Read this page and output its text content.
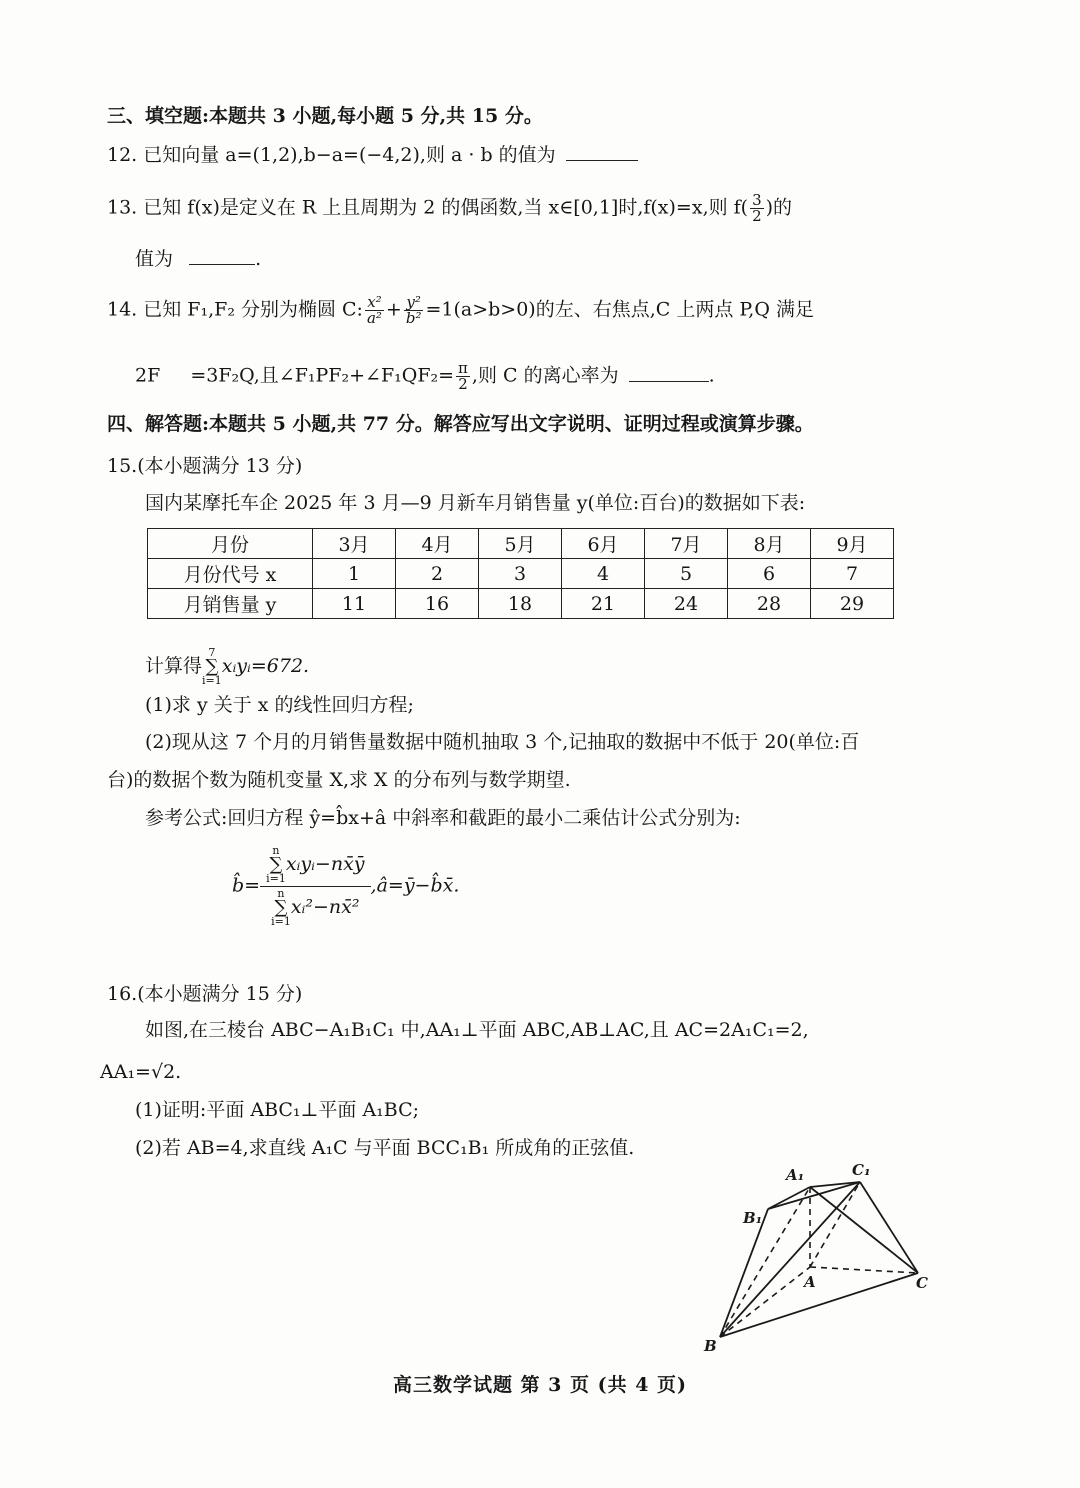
三、填空题:本题共 3 小题,每小题 5 分,共 15 分。
12. 已知向量 a=(1,2),b−a=(−4,2),则 a · b 的值为
13. 已知 f(x)是定义在 R 上且周期为 2 的偶函数,当 x∈[0,1]时,f(x)=x,则 $f( \frac{3}{2}$ )的
值为	.
14. 已知 F₁,F₂ 分别为椭圆 C: $\frac{\text{x²}}{\text{a²}} + \frac{\text{y²}}{\text{b²}} =1(a>b>0)$的左、右焦点,C 上两点 P,Q 满足
2F =3F₂Q,且∠F₁PF₂+∠F₁QF₂= $\frac{\pi}{2}$ ,则 C 的离心率为	.
四、解答题:本题共 5 小题,共 77 分。解答应写出文字说明、证明过程或演算步骤。
15.(本小题满分 13 分)
国内某摩托车企 2025 年 3 月—9 月新车月销售量 y(单位:百台)的数据如下表:
月份	3月	4月	5月	6月	7月	8月	9月
月份代号 x	1	2	3	4	5	6	7
月销售量 y	11	16	18	21	24	28	29
计算得7
∑
i=1xᵢyᵢ=672.
(1)求 y 关于 x 的线性回归方程;
(2)现从这 7 个月的月销售量数据中随机抽取 3 个,记抽取的数据中不低于 20(单位:百
台)的数据个数为随机变量 X,求 X 的分布列与数学期望.
参考公式:回归方程 ŷ=b̂x+â 中斜率和截距的最小二乘估计公式分别为:
b̂= n
∑
i=1xᵢyᵢ−nx̄ȳ
n
∑
i=1xᵢ²−nx̄² ,â=ȳ−b̂x̄.
16.(本小题满分 15 分)
如图,在三棱台 ABC−A₁B₁C₁ 中,AA₁⊥平面 ABC,AB⊥AC,且 AC=2A₁C₁=2,
AA₁=√2.
(1)证明:平面 ABC₁⊥平面 A₁BC;
(2)若 AB=4,求直线 A₁C 与平面 BCC₁B₁ 所成角的正弦值.
A₁	C₁
B₁
A	C
B
高三数学试题 第 3 页 (共 4 页)
